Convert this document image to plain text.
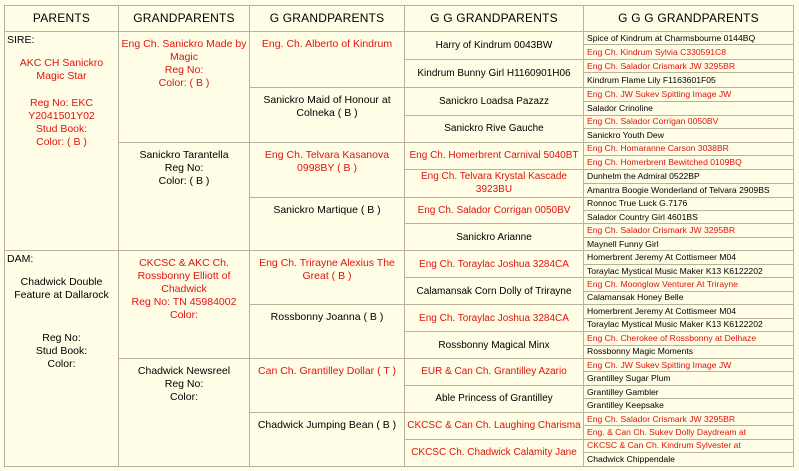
PARENTS	GRANDPARENTS	G GRANDPARENTS	G G GRANDPARENTS	G G G GRANDPARENTS

SIRE:
AKC CH Sanickro Magic Star
Reg No: EKC Y2041501Y02
Stud Book:
Color: ( B )	Eng Ch. Sanickro Made by Magic
Reg No:
Color: ( B )	Eng. Ch. Alberto of Kindrum	Harry of Kindrum 0043BW	Spice of Kindrum at Charmsbourne 0144BQ
				Eng Ch. Kindrum Sylvia C330591C8
			Kindrum Bunny Girl H1160901H06	Eng Ch. Salador Crismark JW 3295BR
				Kindrum Flame Lily F1163601F05
		Sanickro Maid of Honour at Colneka ( B )	Sanickro Loadsa Pazazz	Eng Ch. JW Sukev Spitting Image JW
				Salador Crinoline
			Sanickro Rive Gauche	Eng Ch. Salador Corrigan 0050BV
				Sanickro Youth Dew

	Sanickro Tarantella
Reg No:
Color: ( B )	Eng Ch. Telvara Kasanova 0998BY ( B )	Eng Ch. Homerbrent Carnival 5040BT	Eng Ch. Homaranne Carson 3038BR
				Eng Ch. Homerbrent Bewitched 0109BQ
			Eng Ch. Telvara Krystal Kascade 3923BU	Dunhelm the Admiral 0522BP
				Amantra Boogie Wonderland of Telvara 2909BS
		Sanickro Martique ( B )	Eng Ch. Salador Corrigan 0050BV	Ronnoc True Luck G.7176
				Salador Country Girl 4601BS
			Sanickro Arianne	Eng Ch. Salador Crismark JW 3295BR
				Maynell Funny Girl

DAM:
Chadwick Double Feature at Dallarock
Reg No:
Stud Book:
Color:	CKCSC & AKC Ch. Rossbonny Elliott of Chadwick
Reg No: TN 45984002
Color:	Eng Ch. Trirayne Alexius The Great ( B )	Eng Ch. Toraylac Joshua 3284CA	Homerbrent Jeremy At Cottismeer M04
				Toraylac Mystical Music Maker K13 K6122202
			Calamansak Corn Dolly of Trirayne	Eng Ch. Moonglow Venturer At Trirayne
				Calamansak Honey Belle
		Rossbonny Joanna ( B )	Eng Ch. Toraylac Joshua 3284CA	Homerbrent Jeremy At Cottismeer M04
				Toraylac Mystical Music Maker K13 K6122202
			Rossbonny Magical Minx	Eng Ch. Cherokee of Rossbonny at Delhaze
				Rossbonny Magic Moments

	Chadwick Newsreel
Reg No:
Color:	Can Ch. Grantilley Dollar ( T )	EUR & Can Ch. Grantilley Azario	Eng Ch. JW Sukev Spitting Image JW
				Grantilley Sugar Plum
			Able Princess of Grantilley	Grantilley Gambler
				Grantilley Keepsake
		Chadwick Jumping Bean ( B )	CKCSC & Can Ch. Laughing Charisma	Eng Ch. Salador Crismark JW 3295BR
				Eng. & Can Ch. Sukev Dolly Daydream at
			CKCSC Ch. Chadwick Calamity Jane	CKCSC & Can Ch. Kindrum Sylvester at
				Chadwick Chippendale
